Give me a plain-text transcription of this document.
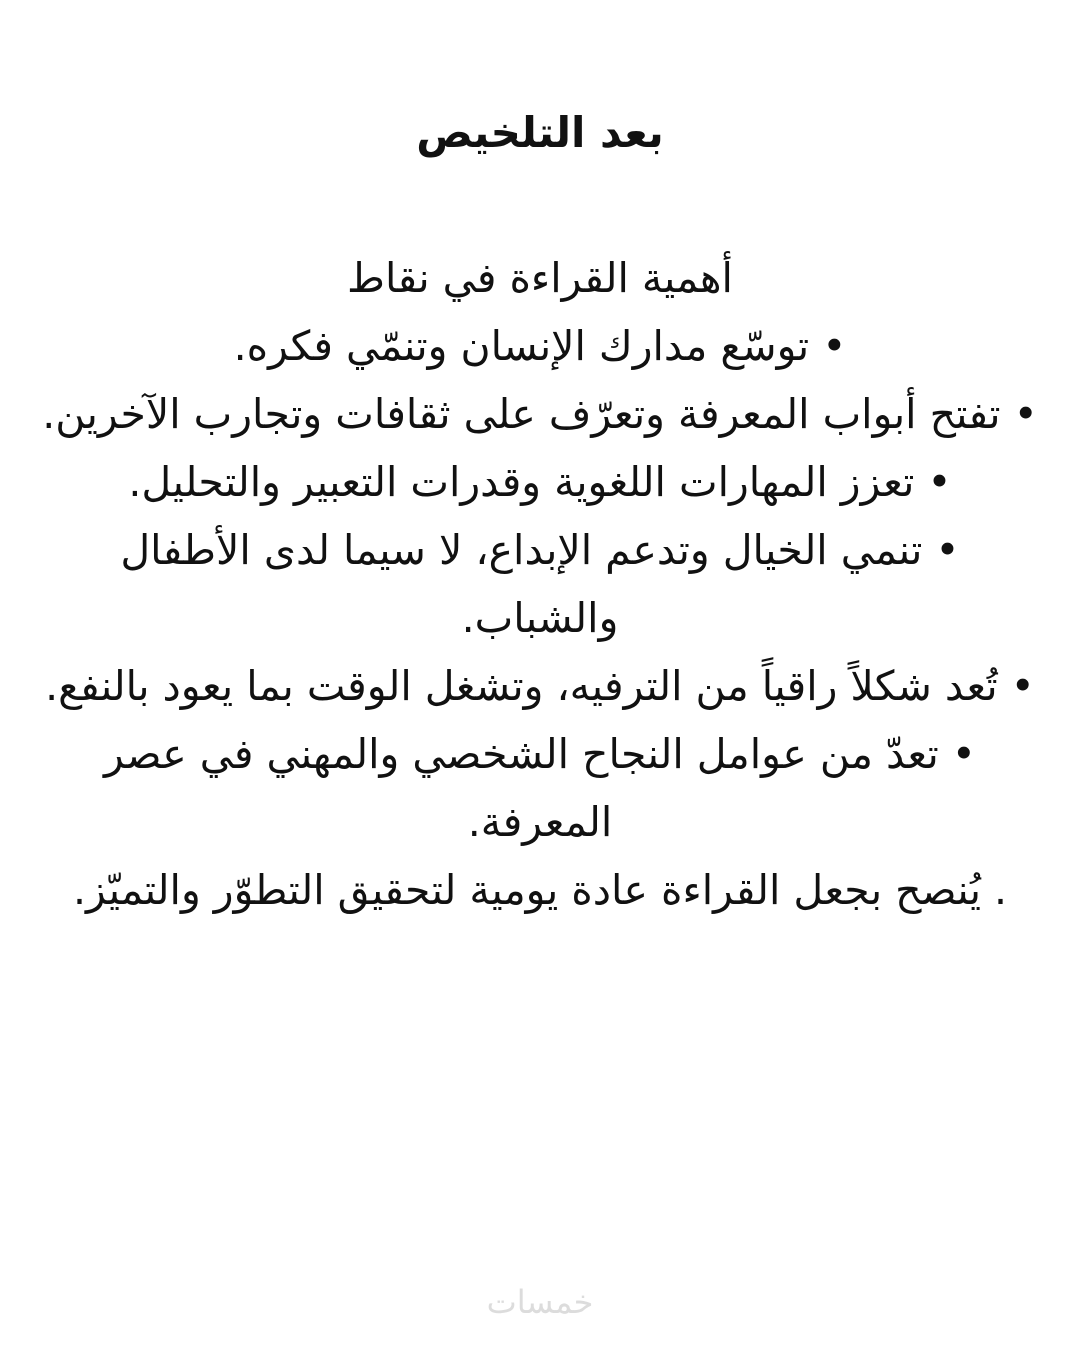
بعد التلخيص

أهمية القراءة في نقاط

• توسّع مدارك الإنسان وتنمّي فكره.

• تفتح أبواب المعرفة وتعرّف على ثقافات وتجارب الآخرين.

• تعزز المهارات اللغوية وقدرات التعبير والتحليل.

• تنمي الخيال وتدعم الإبداع، لا سيما لدى الأطفال والشباب.

• تُعد شكلاً راقياً من الترفيه، وتشغل الوقت بما يعود بالنفع.

• تعدّ من عوامل النجاح الشخصي والمهني في عصر المعرفة.

. يُنصح بجعل القراءة عادة يومية لتحقيق التطوّر والتميّز.

خمسات
